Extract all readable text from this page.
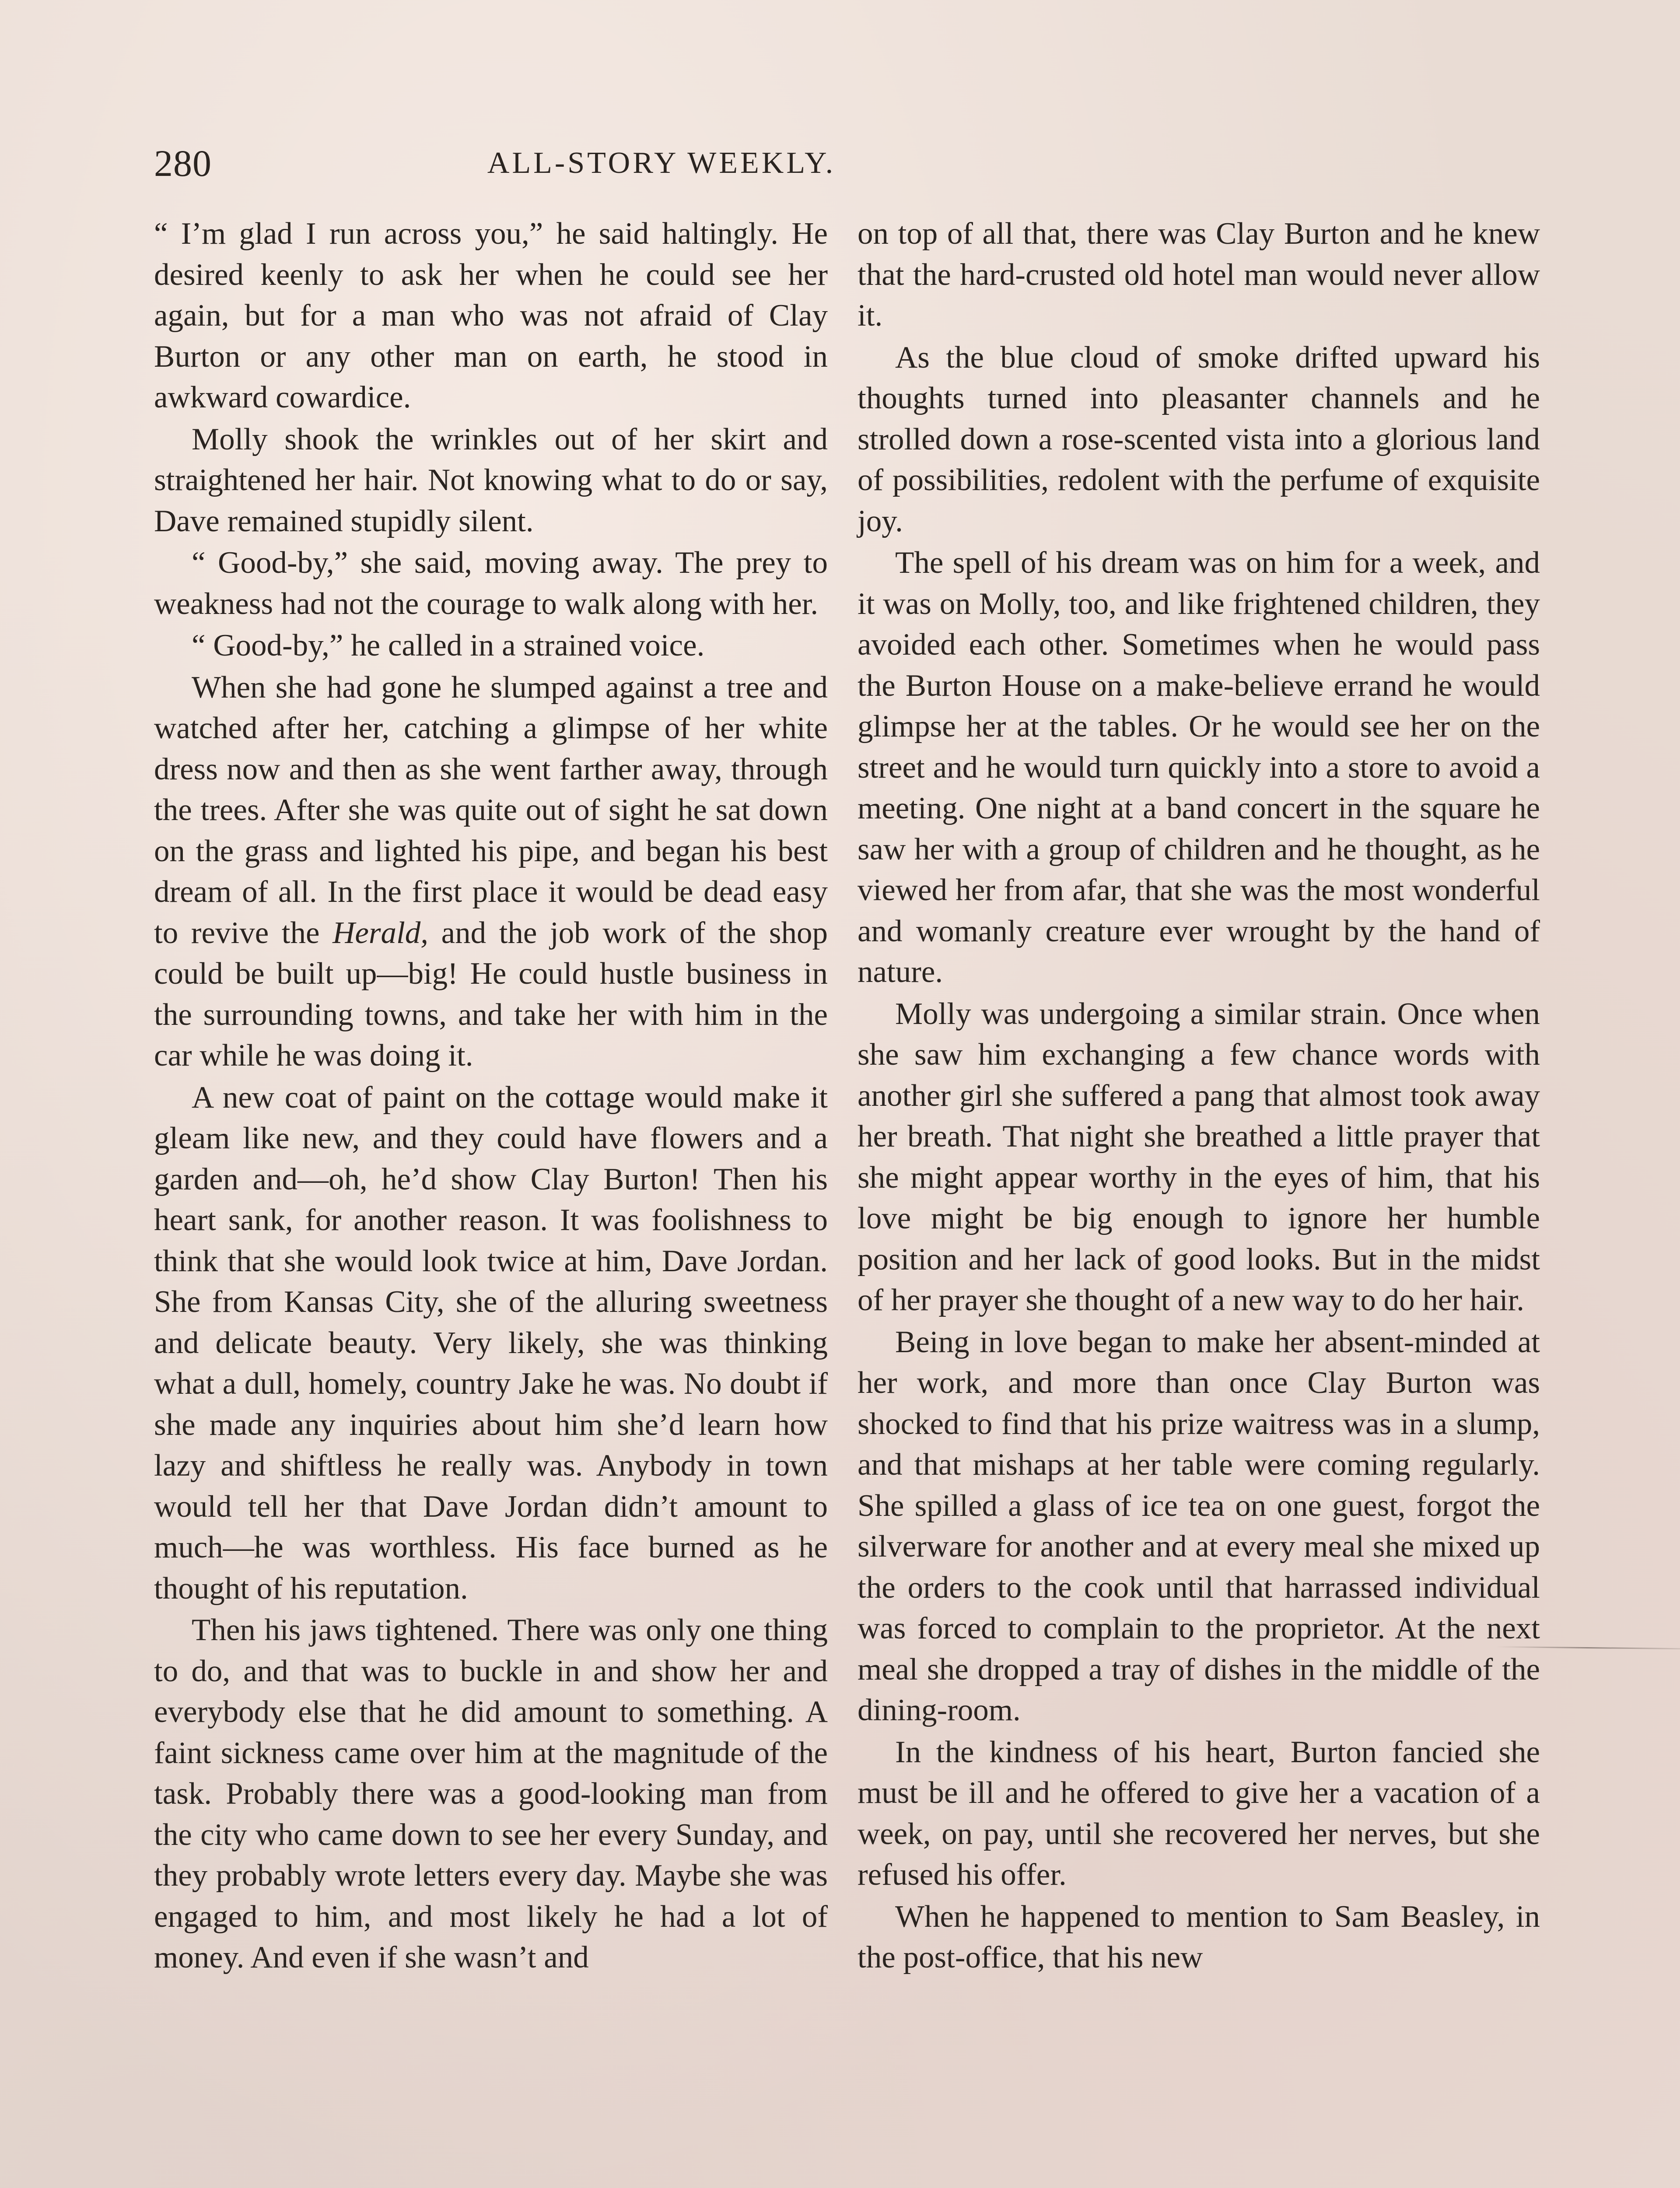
280	ALL-STORY WEEKLY.

“ I’m glad I run across you,” he said haltingly. He desired keenly to ask her when he could see her again, but for a man who was not afraid of Clay Burton or any other man on earth, he stood in awkward cowardice.

Molly shook the wrinkles out of her skirt and straightened her hair. Not knowing what to do or say, Dave remained stupidly silent.

“ Good-by,” she said, moving away. The prey to weakness had not the courage to walk along with her.

“ Good-by,” he called in a strained voice.

When she had gone he slumped against a tree and watched after her, catching a glimpse of her white dress now and then as she went farther away, through the trees. After she was quite out of sight he sat down on the grass and lighted his pipe, and began his best dream of all. In the first place it would be dead easy to revive the Herald, and the job work of the shop could be built up—big! He could hustle business in the surrounding towns, and take her with him in the car while he was doing it.

A new coat of paint on the cottage would make it gleam like new, and they could have flowers and a garden and—oh, he’d show Clay Burton! Then his heart sank, for another reason. It was foolishness to think that she would look twice at him, Dave Jordan. She from Kansas City, she of the alluring sweetness and delicate beauty. Very likely, she was thinking what a dull, homely, country Jake he was. No doubt if she made any inquiries about him she’d learn how lazy and shiftless he really was. Anybody in town would tell her that Dave Jordan didn’t amount to much—he was worthless. His face burned as he thought of his reputation.

Then his jaws tightened. There was only one thing to do, and that was to buckle in and show her and everybody else that he did amount to something. A faint sickness came over him at the magnitude of the task. Probably there was a good-looking man from the city who came down to see her every Sunday, and they probably wrote letters every day. Maybe she was engaged to him, and most likely he had a lot of money. And even if she wasn’t and

on top of all that, there was Clay Burton and he knew that the hard-crusted old hotel man would never allow it.

As the blue cloud of smoke drifted upward his thoughts turned into pleasanter channels and he strolled down a rose-scented vista into a glorious land of possibilities, redolent with the perfume of exquisite joy.

The spell of his dream was on him for a week, and it was on Molly, too, and like frightened children, they avoided each other. Sometimes when he would pass the Burton House on a make-believe errand he would glimpse her at the tables. Or he would see her on the street and he would turn quickly into a store to avoid a meeting. One night at a band concert in the square he saw her with a group of children and he thought, as he viewed her from afar, that she was the most wonderful and womanly creature ever wrought by the hand of nature.

Molly was undergoing a similar strain. Once when she saw him exchanging a few chance words with another girl she suffered a pang that almost took away her breath. That night she breathed a little prayer that she might appear worthy in the eyes of him, that his love might be big enough to ignore her humble position and her lack of good looks. But in the midst of her prayer she thought of a new way to do her hair.

Being in love began to make her absent-minded at her work, and more than once Clay Burton was shocked to find that his prize waitress was in a slump, and that mishaps at her table were coming regularly. She spilled a glass of ice tea on one guest, forgot the silverware for another and at every meal she mixed up the orders to the cook until that harrassed individual was forced to complain to the proprietor. At the next meal she dropped a tray of dishes in the middle of the dining-room.

In the kindness of his heart, Burton fancied she must be ill and he offered to give her a vacation of a week, on pay, until she recovered her nerves, but she refused his offer.

When he happened to mention to Sam Beasley, in the post-office, that his new
